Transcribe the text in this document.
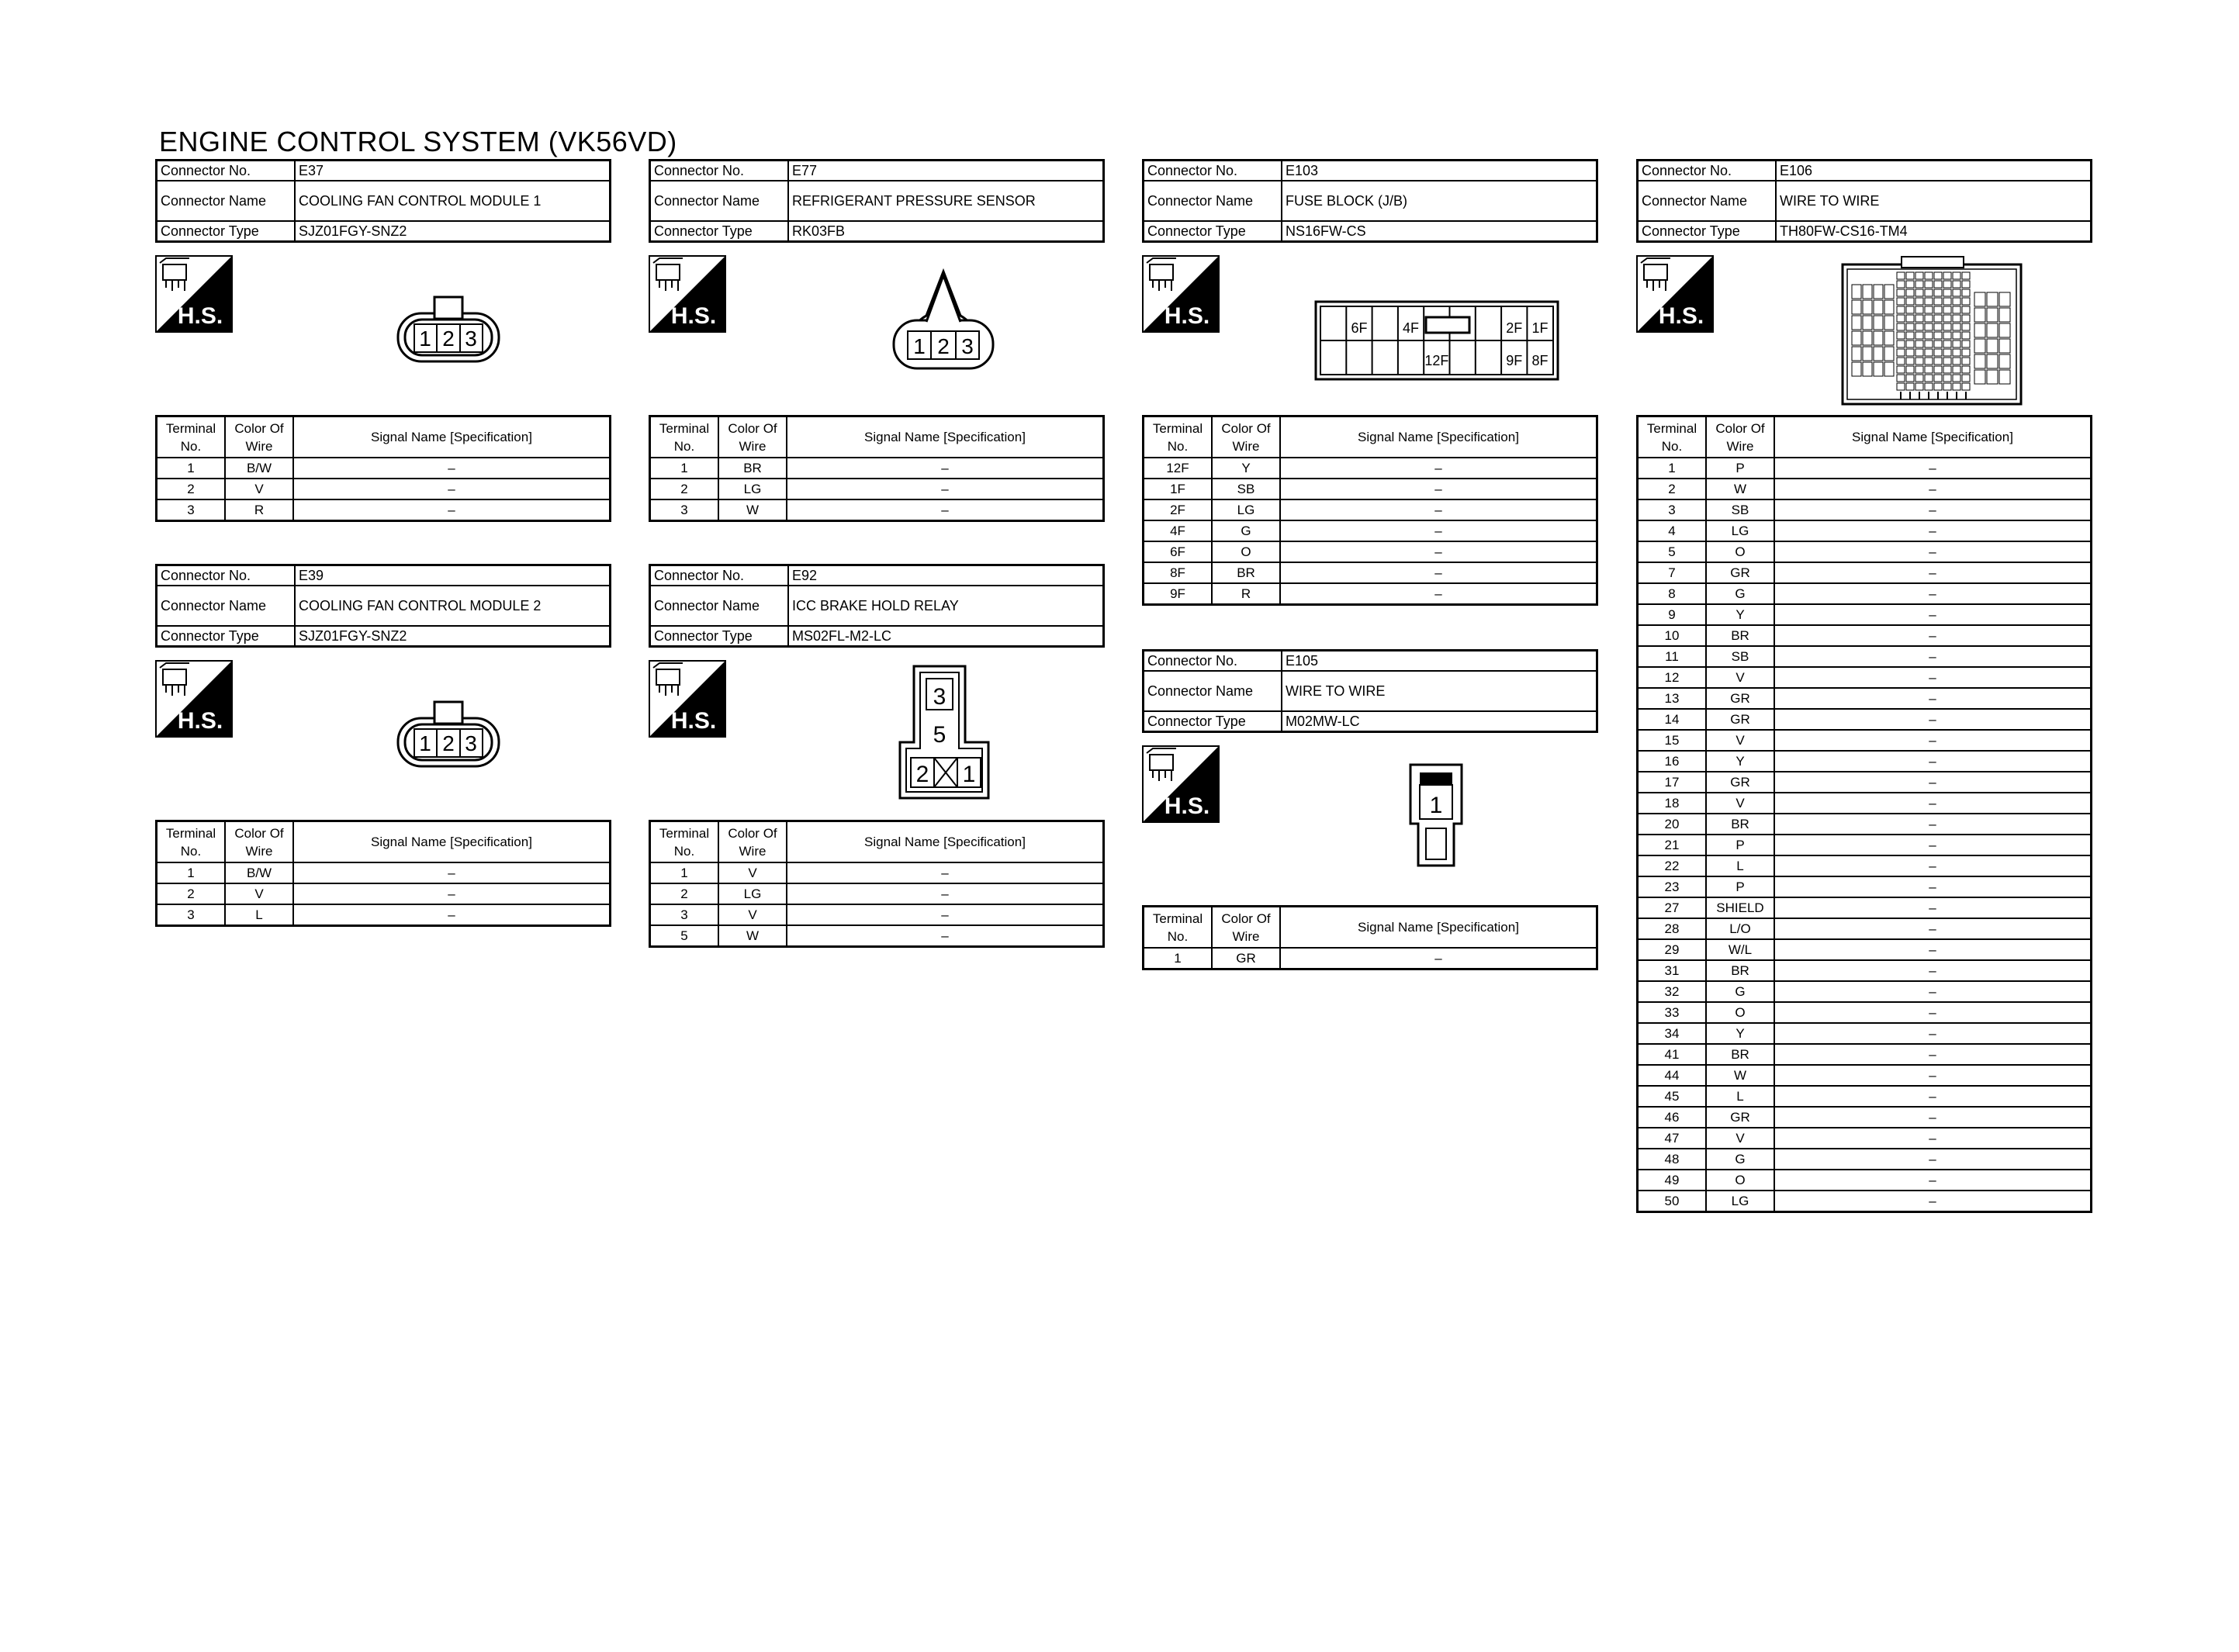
ENGINE CONTROL SYSTEM (VK56VD)
Connector No.	E37
Connector Name	COOLING FAN CONTROL MODULE 1
Connector Type	SJZ01FGY-SNZ2
H.S.
1 2 3
Terminal No.	Color Of Wire	Signal Name [Specification]
1	B/W	–
2	V	–
3	R	–
Connector No.	E39
Connector Name	COOLING FAN CONTROL MODULE 2
Connector Type	SJZ01FGY-SNZ2
H.S.
1 2 3
Terminal No.	Color Of Wire	Signal Name [Specification]
1	B/W	–
2	V	–
3	L	–
Connector No.	E77
Connector Name	REFRIGERANT PRESSURE SENSOR
Connector Type	RK03FB
H.S.
1 2 3
Terminal No.	Color Of Wire	Signal Name [Specification]
1	BR	–
2	LG	–
3	W	–
Connector No.	E92
Connector Name	ICC BRAKE HOLD RELAY
Connector Type	MS02FL-M2-LC
H.S.
3
5
2 1
Terminal No.	Color Of Wire	Signal Name [Specification]
1	V	–
2	LG	–
3	V	–
5	W	–
Connector No.	E103
Connector Name	FUSE BLOCK (J/B)
Connector Type	NS16FW-CS
H.S.	6F	4F	2F 1F
12F	9F 8F
Terminal No.	Color Of Wire	Signal Name [Specification]
12F	Y	–
1F	SB	–
2F	LG	–
4F	G	–
6F	O	–
8F	BR	–
9F	R	–
Connector No.	E105
Connector Name	WIRE TO WIRE
Connector Type	M02MW-LC
H.S.	1
Terminal No.	Color Of Wire	Signal Name [Specification]
1	GR	–
Connector No.	E106
Connector Name	WIRE TO WIRE
Connector Type	TH80FW-CS16-TM4
H.S.
Terminal No.	Color Of Wire	Signal Name [Specification]
1	P	–
2	W	–
3	SB	–
4	LG	–
5	O	–
7	GR	–
8	G	–
9	Y	–
10	BR	–
11	SB	–
12	V	–
13	GR	–
14	GR	–
15	V	–
16	Y	–
17	GR	–
18	V	–
20	BR	–
21	P	–
22	L	–
23	P	–
27	SHIELD	–
28	L/O	–
29	W/L	–
31	BR	–
32	G	–
33	O	–
34	Y	–
41	BR	–
44	W	–
45	L	–
46	GR	–
47	V	–
48	G	–
49	O	–
50	LG	–
